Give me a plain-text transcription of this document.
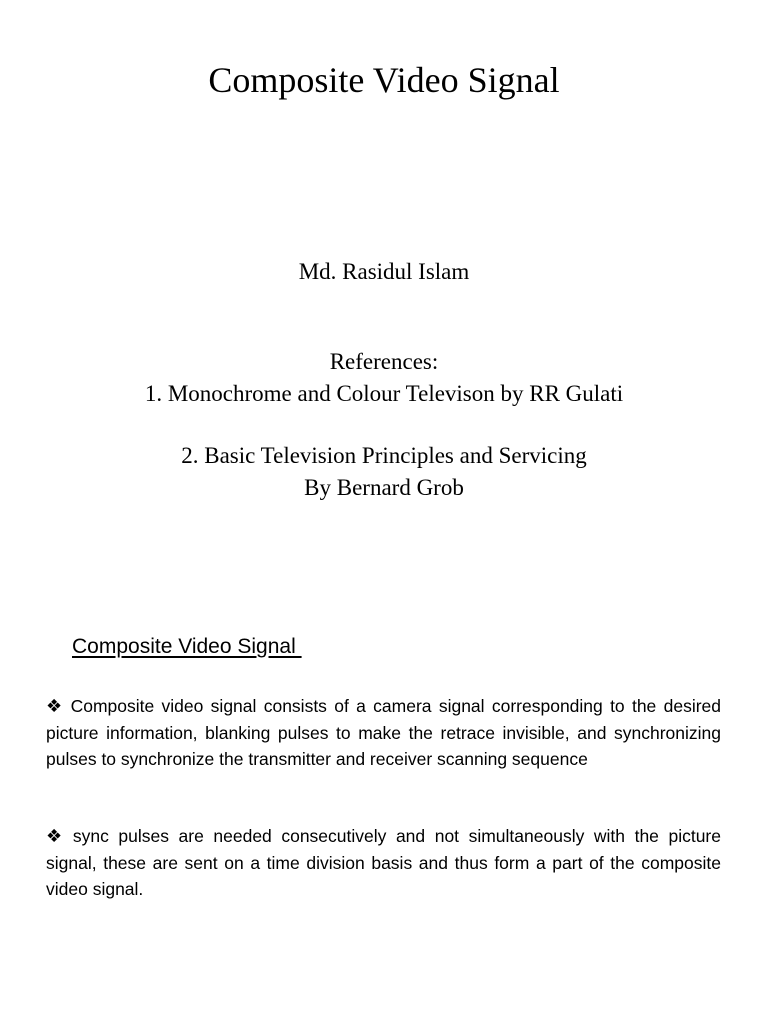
Composite Video Signal
Md. Rasidul Islam
References:
1. Monochrome and Colour Televison by RR Gulati
2. Basic Television Principles and Servicing
By Bernard Grob
Composite Video Signal

❖ Composite video signal consists of a camera signal corresponding to the desired picture information, blanking pulses to make the retrace invisible, and synchronizing pulses to synchronize the transmitter and receiver scanning sequence

❖ sync pulses are needed consecutively and not simultaneously with the picture signal, these are sent on a time division basis and thus form a part of the composite video signal.
